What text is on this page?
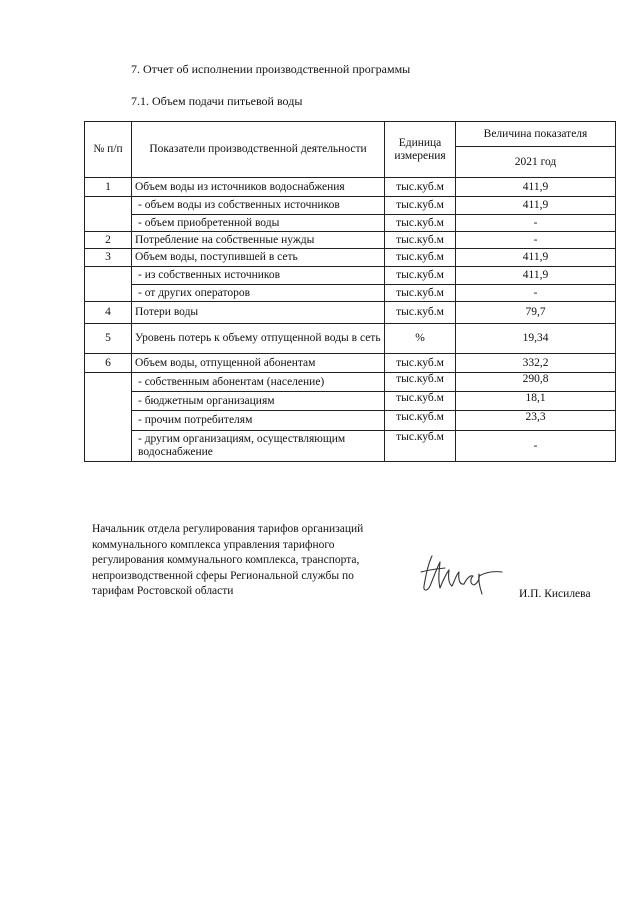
7. Отчет об исполнении производственной программы
7.1. Объем подачи питьевой воды
№ п/п	Показатели производственной деятельности	Единица измерения	Величина показателя
			2021 год
1	Объем воды из источников водоснабжения	тыс.куб.м	411,9
	- объем воды из собственных источников	тыс.куб.м	411,9
	- объем приобретенной воды	тыс.куб.м	-
2	Потребление на собственные нужды	тыс.куб.м	-
3	Объем воды, поступившей в сеть	тыс.куб.м	411,9
	- из собственных источников	тыс.куб.м	411,9
	- от других операторов	тыс.куб.м	-
4	Потери воды	тыс.куб.м	79,7
5	Уровень потерь к объему отпущенной воды в сеть	%	19,34
6	Объем воды, отпущенной абонентам	тыс.куб.м	332,2
	- собственным абонентам (население)	тыс.куб.м	290,8
	- бюджетным организациям	тыс.куб.м	18,1
	- прочим потребителям	тыс.куб.м	23,3
	- другим организациям, осуществляющим водоснабжение	тыс.куб.м	-
Начальник отдела регулирования тарифов организаций
коммунального комплекса управления тарифного
регулирования коммунального комплекса, транспорта,
непроизводственной сферы Региональной службы по
тарифам Ростовской области	И.П. Кисилева
